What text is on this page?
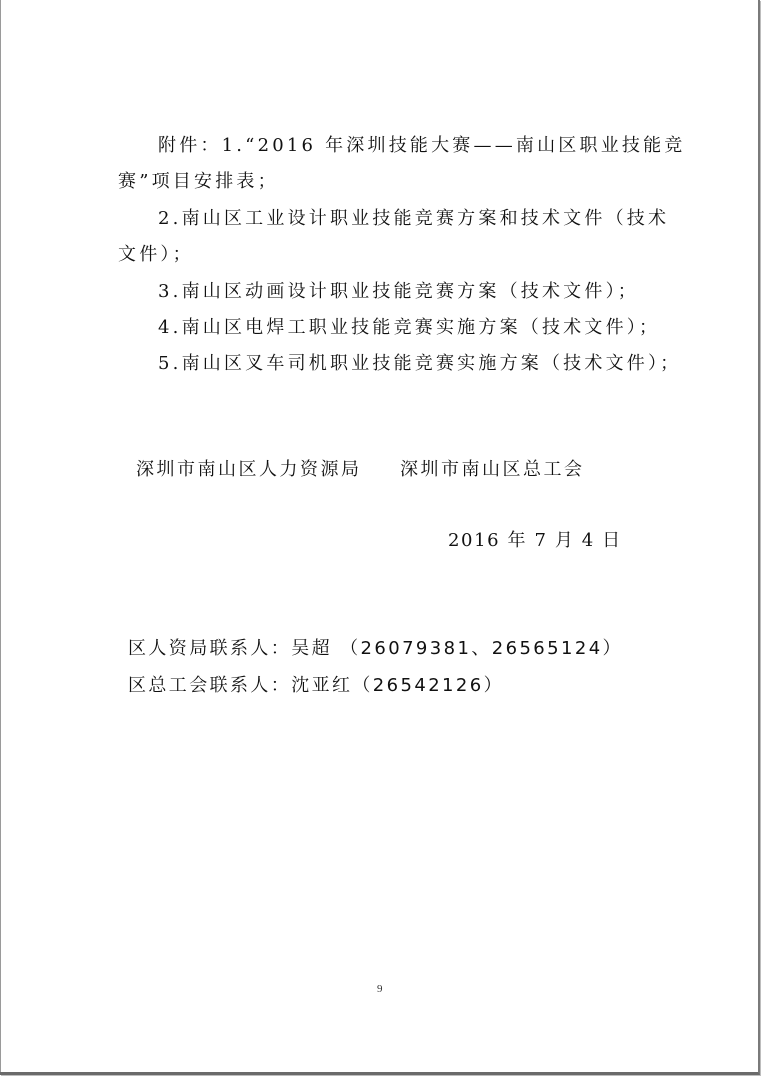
附件：1.“2016 年深圳技能大赛——南山区职业技能竞
赛”项目安排表；
2.南山区工业设计职业技能竞赛方案和技术文件（技术
文件）；
3.南山区动画设计职业技能竞赛方案（技术文件）；
4.南山区电焊工职业技能竞赛实施方案（技术文件）；
5.南山区叉车司机职业技能竞赛实施方案（技术文件）；
深圳市南山区人力资源局 深圳市南山区总工会
2016 年 7 月 4 日
区人资局联系人：吴超 （26079381、26565124）
区总工会联系人：沈亚红（26542126）
9
